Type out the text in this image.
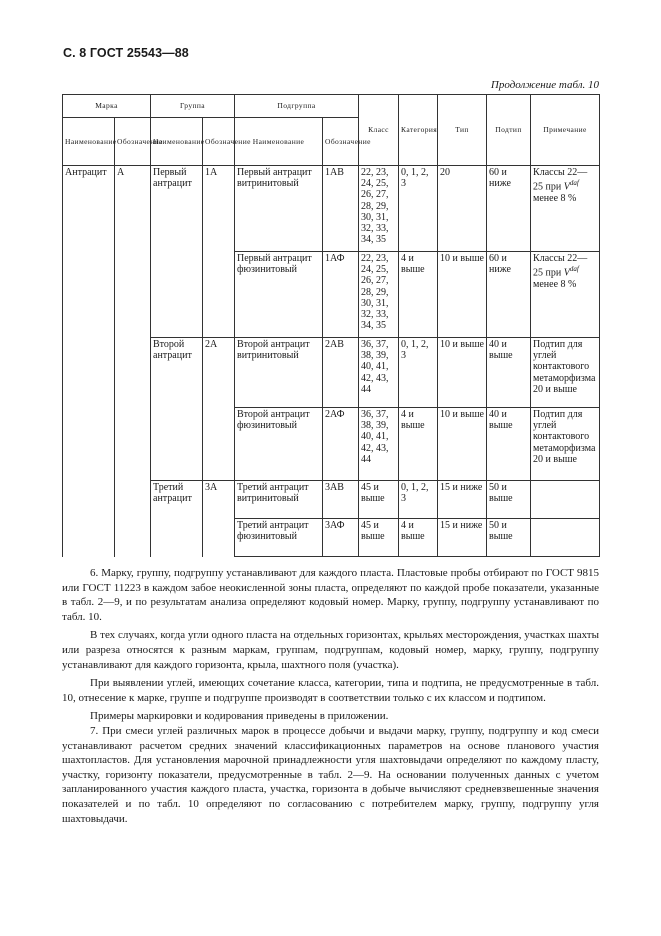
С. 8 ГОСТ 25543—88
Продолжение табл. 10
Марка		Группа		Подгруппа		Класс	Категория	Тип	Подтип	Примечание
Наименование	Обозначение	Наименование	Обозначение	Наименование	Обозначение					
Антрацит	А	Первый антрацит	1А	Первый антрацит витринитовый	1АВ	22, 23, 24, 25, 26, 27, 28, 29, 30, 31, 32, 33, 34, 35	0, 1, 2, 3	20	60 и ниже	Классы 22—25 при $V^{daf}$ менее 8 %
				Первый антрацит фюзинитовый	1АФ	22, 23, 24, 25, 26, 27, 28, 29, 30, 31, 32, 33, 34, 35	4 и выше	10 и выше	60 и ниже	Классы 22—25 при $V^{daf}$ менее 8 %
		Второй антрацит	2А	Второй антрацит витринитовый	2АВ	36, 37, 38, 39, 40, 41, 42, 43, 44	0, 1, 2, 3	10 и выше	40 и выше	Подтип для углей контактового метаморфизма 20 и выше
				Второй антрацит фюзинитовый	2АФ	36, 37, 38, 39, 40, 41, 42, 43, 44	4 и выше	10 и выше	40 и выше	Подтип для углей контактового метаморфизма 20 и выше
		Третий антрацит	3А	Третий антрацит витринитовый	3АВ	45 и выше	0, 1, 2, 3	15 и ниже	50 и выше	
				Третий антрацит фюзинитовый	3АФ	45 и выше	4 и выше	15 и ниже	50 и выше	

6. Марку, группу, подгруппу устанавливают для каждого пласта. Пластовые пробы отбирают по ГОСТ 9815 или ГОСТ 11223 в каждом забое неокисленной зоны пласта, определяют по каждой пробе показатели, указанные в табл. 2—9, и по результатам анализа определяют кодовый номер. Марку, группу, подгруппу устанавливают по табл. 10.

В тех случаях, когда угли одного пласта на отдельных горизонтах, крыльях месторождения, участках шахты или разреза относятся к разным маркам, группам, подгруппам, кодовый номер, марку, группу, подгруппу устанавливают для каждого горизонта, крыла, шахтного поля (участка).

При выявлении углей, имеющих сочетание класса, категории, типа и подтипа, не предусмотренные в табл. 10, отнесение к марке, группе и подгруппе производят в соответствии только с их классом и подтипом.

Примеры маркировки и кодирования приведены в приложении.

7. При смеси углей различных марок в процессе добычи и выдачи марку, группу, подгруппу и код смеси устанавливают расчетом средних значений классификационных параметров на основе планового участия шахтопластов. Для установления марочной принадлежности угля шахтовыдачи определяют по каждому пласту, участку, горизонту показатели, предусмотренные в табл. 2—9. На основании полученных данных с учетом запланированного участия каждого пласта, участка, горизонта в добыче вычисляют средневзвешенные значения показателей и по табл. 10 определяют по согласованию с потребителем марку, группу, подгруппу угля шахтовыдачи.
